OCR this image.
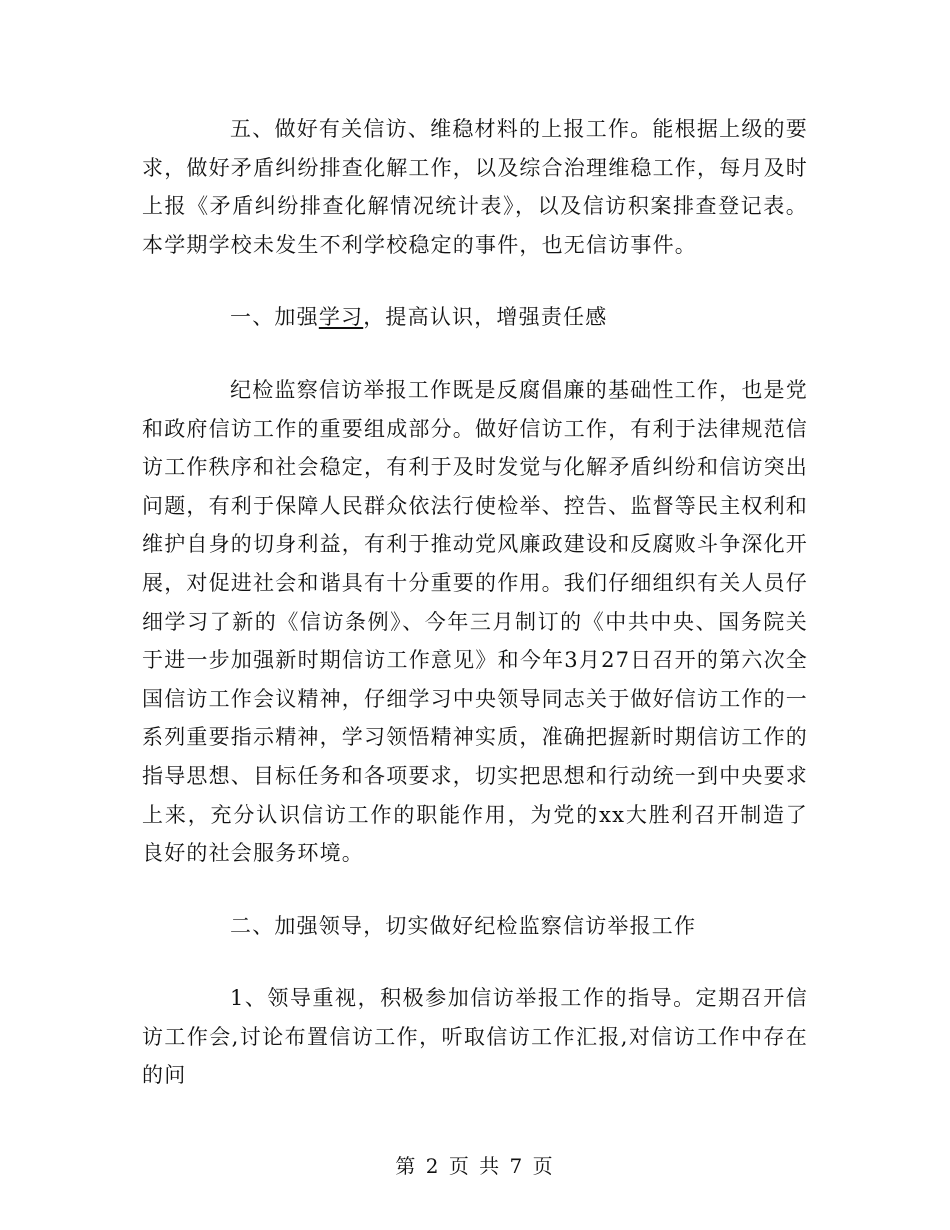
五、做好有关信访、维稳材料的上报工作。能根据上级的要求，做好矛盾纠纷排查化解工作，以及综合治理维稳工作，每月及时上报《矛盾纠纷排查化解情况统计表》，以及信访积案排查登记表。本学期学校未发生不利学校稳定的事件，也无信访事件。

一、加强学习，提高认识，增强责任感

纪检监察信访举报工作既是反腐倡廉的基础性工作，也是党和政府信访工作的重要组成部分。做好信访工作，有利于法律规范信访工作秩序和社会稳定，有利于及时发觉与化解矛盾纠纷和信访突出问题，有利于保障人民群众依法行使检举、控告、监督等民主权利和维护自身的切身利益，有利于推动党风廉政建设和反腐败斗争深化开展，对促进社会和谐具有十分重要的作用。我们仔细组织有关人员仔细学习了新的《信访条例》、今年三月制订的《中共中央、国务院关于进一步加强新时期信访工作意见》和今年3月27日召开的第六次全国信访工作会议精神，仔细学习中央领导同志关于做好信访工作的一系列重要指示精神，学习领悟精神实质，准确把握新时期信访工作的指导思想、目标任务和各项要求，切实把思想和行动统一到中央要求上来，充分认识信访工作的职能作用，为党的xx大胜利召开制造了良好的社会服务环境。

二、加强领导，切实做好纪检监察信访举报工作

1、领导重视，积极参加信访举报工作的指导。定期召开信访工作会,讨论布置信访工作，听取信访工作汇报,对信访工作中存在的问

第 2 页 共 7 页
